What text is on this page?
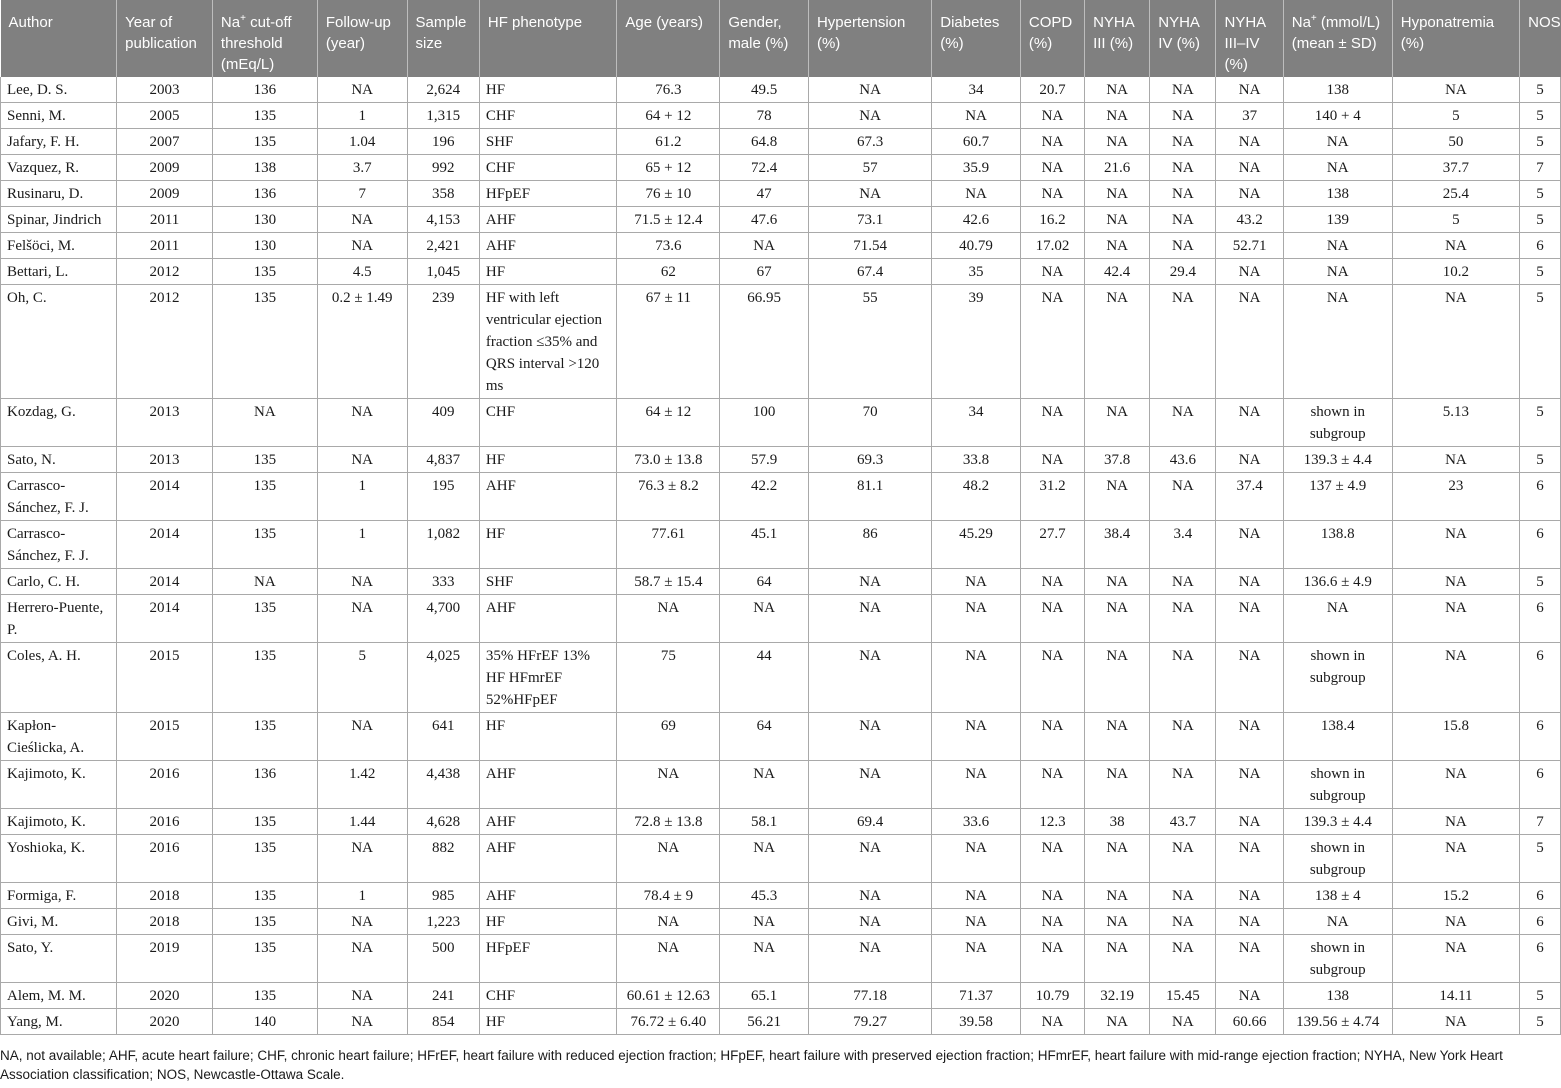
Author	Year of publication	Na+ cut-off threshold (mEq/L)	Follow-up (year)	Sample size	HF phenotype	Age (years)	Gender, male (%)	Hypertension (%)	Diabetes (%)	COPD (%)	NYHA III (%)	NYHA IV (%)	NYHA III–IV (%)	Na+ (mmol/L) (mean ± SD)	Hyponatremia (%)	NOS
Lee, D. S.	2003	136	NA	2,624	HF	76.3	49.5	NA	34	20.7	NA	NA	NA	138	NA	5
Senni, M.	2005	135	1	1,315	CHF	64 + 12	78	NA	NA	NA	NA	NA	37	140 + 4	5	5
Jafary, F. H.	2007	135	1.04	196	SHF	61.2	64.8	67.3	60.7	NA	NA	NA	NA	NA	50	5
Vazquez, R.	2009	138	3.7	992	CHF	65 + 12	72.4	57	35.9	NA	21.6	NA	NA	NA	37.7	7
Rusinaru, D.	2009	136	7	358	HFpEF	76 ± 10	47	NA	NA	NA	NA	NA	NA	138	25.4	5
Spinar, Jindrich	2011	130	NA	4,153	AHF	71.5 ± 12.4	47.6	73.1	42.6	16.2	NA	NA	43.2	139	5	5
Felšöci, M.	2011	130	NA	2,421	AHF	73.6	NA	71.54	40.79	17.02	NA	NA	52.71	NA	NA	6
Bettari, L.	2012	135	4.5	1,045	HF	62	67	67.4	35	NA	42.4	29.4	NA	NA	10.2	5
Oh, C.	2012	135	0.2 ± 1.49	239	HF with left ventricular ejection fraction ≤35% and QRS interval >120 ms	67 ± 11	66.95	55	39	NA	NA	NA	NA	NA	NA	5
Kozdag, G.	2013	NA	NA	409	CHF	64 ± 12	100	70	34	NA	NA	NA	NA	shown in subgroup	5.13	5
Sato, N.	2013	135	NA	4,837	HF	73.0 ± 13.8	57.9	69.3	33.8	NA	37.8	43.6	NA	139.3 ± 4.4	NA	5
Carrasco-Sánchez, F. J.	2014	135	1	195	AHF	76.3 ± 8.2	42.2	81.1	48.2	31.2	NA	NA	37.4	137 ± 4.9	23	6
Carrasco-Sánchez, F. J.	2014	135	1	1,082	HF	77.61	45.1	86	45.29	27.7	38.4	3.4	NA	138.8	NA	6
Carlo, C. H.	2014	NA	NA	333	SHF	58.7 ± 15.4	64	NA	NA	NA	NA	NA	NA	136.6 ± 4.9	NA	5
Herrero-Puente, P.	2014	135	NA	4,700	AHF	NA	NA	NA	NA	NA	NA	NA	NA	NA	NA	6
Coles, A. H.	2015	135	5	4,025	35% HFrEF 13% HF HFmrEF 52%HFpEF	75	44	NA	NA	NA	NA	NA	NA	shown in subgroup	NA	6
Kapłon-Cieślicka, A.	2015	135	NA	641	HF	69	64	NA	NA	NA	NA	NA	NA	138.4	15.8	6
Kajimoto, K.	2016	136	1.42	4,438	AHF	NA	NA	NA	NA	NA	NA	NA	NA	shown in subgroup	NA	6
Kajimoto, K.	2016	135	1.44	4,628	AHF	72.8 ± 13.8	58.1	69.4	33.6	12.3	38	43.7	NA	139.3 ± 4.4	NA	7
Yoshioka, K.	2016	135	NA	882	AHF	NA	NA	NA	NA	NA	NA	NA	NA	shown in subgroup	NA	5
Formiga, F.	2018	135	1	985	AHF	78.4 ± 9	45.3	NA	NA	NA	NA	NA	NA	138 ± 4	15.2	6
Givi, M.	2018	135	NA	1,223	HF	NA	NA	NA	NA	NA	NA	NA	NA	NA	NA	6
Sato, Y.	2019	135	NA	500	HFpEF	NA	NA	NA	NA	NA	NA	NA	NA	shown in subgroup	NA	6
Alem, M. M.	2020	135	NA	241	CHF	60.61 ± 12.63	65.1	77.18	71.37	10.79	32.19	15.45	NA	138	14.11	5
Yang, M.	2020	140	NA	854	HF	76.72 ± 6.40	56.21	79.27	39.58	NA	NA	NA	60.66	139.56 ± 4.74	NA	5
NA, not available; AHF, acute heart failure; CHF, chronic heart failure; HFrEF, heart failure with reduced ejection fraction; HFpEF, heart failure with preserved ejection fraction; HFmrEF, heart failure with mid-range ejection fraction; NYHA, New York Heart Association classification; NOS, Newcastle-Ottawa Scale.
